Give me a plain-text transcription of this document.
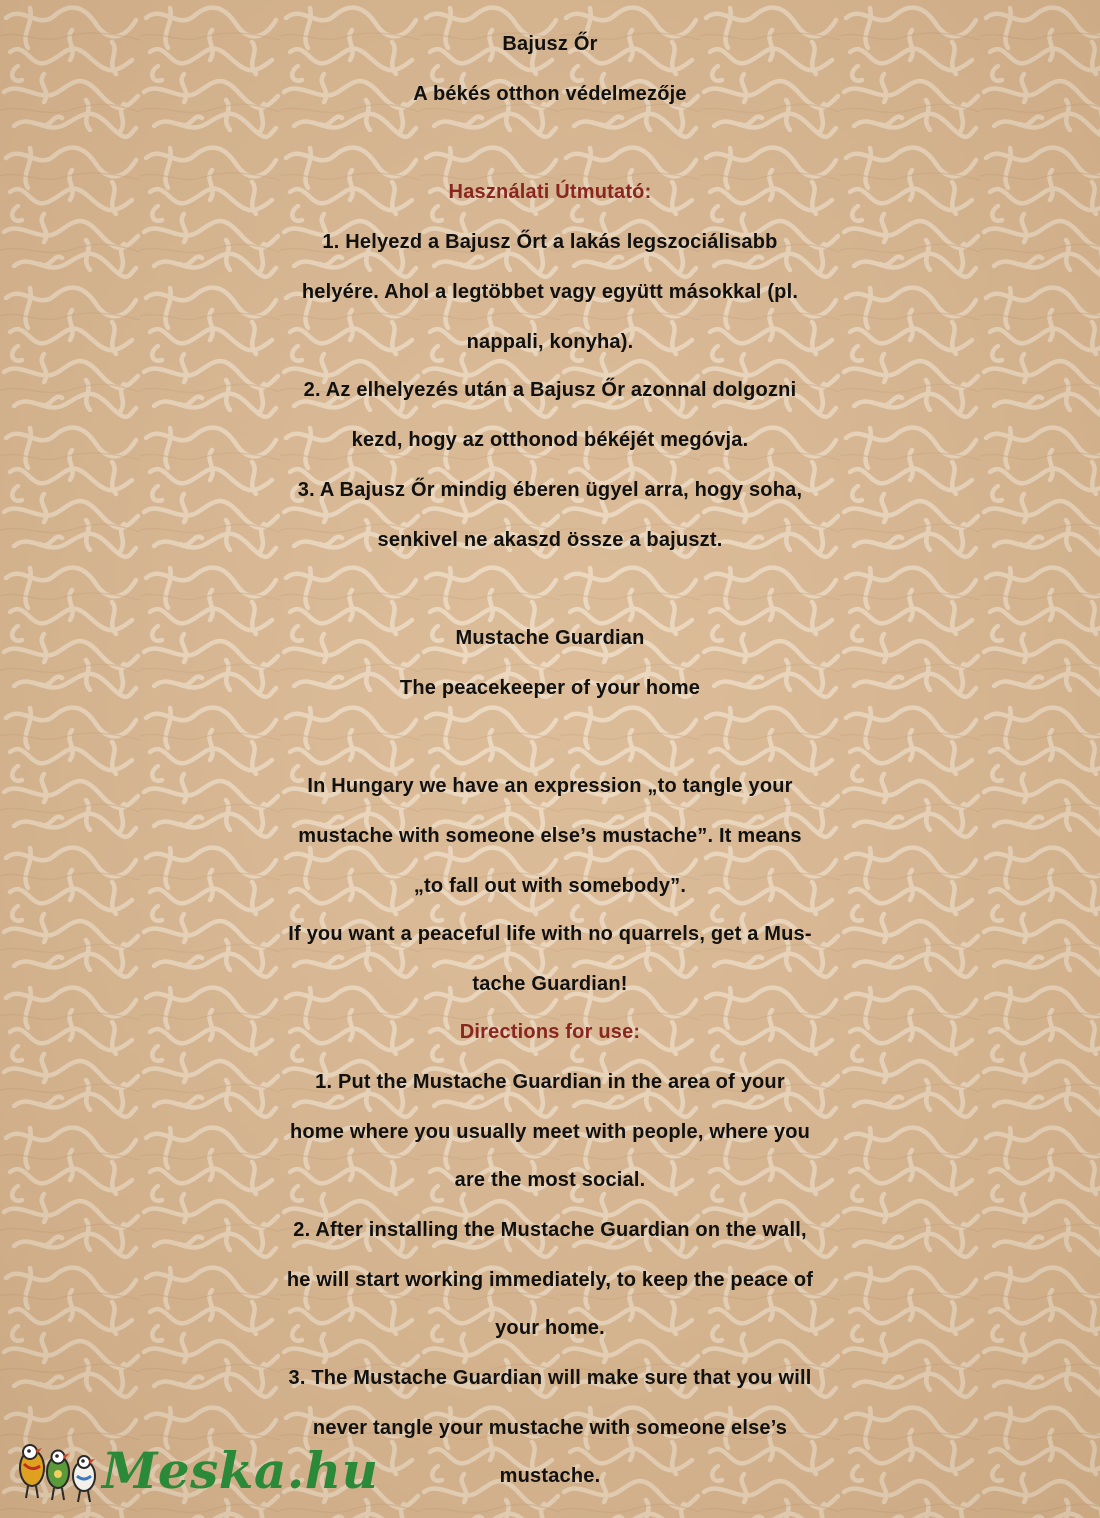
Bajusz Őr

A békés otthon védelmezője

Használati Útmutató:

1. Helyezd a Bajusz Őrt a lakás legszociálisabb

helyére. Ahol a legtöbbet vagy együtt másokkal (pl.

nappali, konyha).

2. Az elhelyezés után a Bajusz Őr azonnal dolgozni

kezd, hogy az otthonod békéjét megóvja.

3. A Bajusz Őr mindig éberen ügyel arra, hogy soha,

senkivel ne akaszd össze a bajuszt.

Mustache Guardian

The peacekeeper of your home

In Hungary we have an expression „to tangle your

mustache with someone else’s mustache”. It means

„to fall out with somebody”.

If you want a peaceful life with no quarrels, get a Mus-

tache Guardian!

Directions for use:

1. Put the Mustache Guardian in the area of your

home where you usually meet with people, where you

are the most social.

2. After installing the Mustache Guardian on the wall,

he will start working immediately, to keep the peace of

your home.

3. The Mustache Guardian will make sure that you will

never tangle your mustache with someone else’s

mustache.

Meska.hu
